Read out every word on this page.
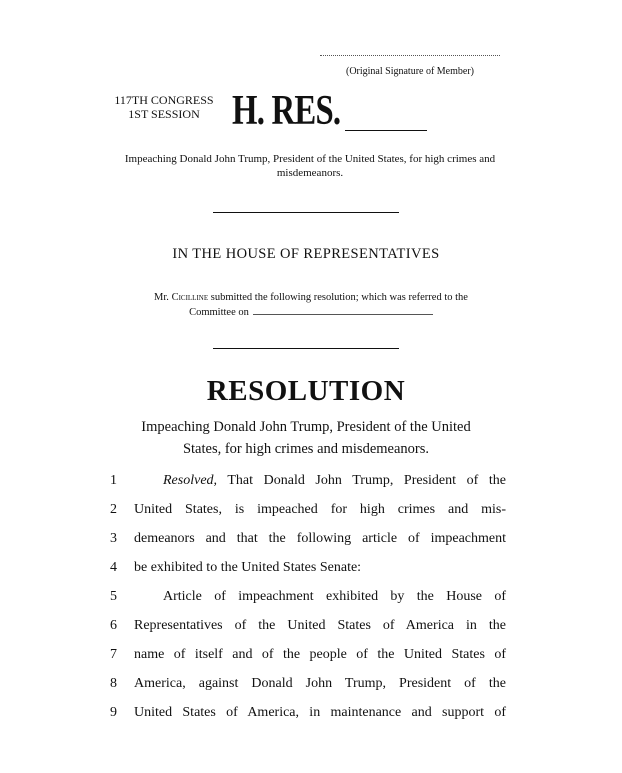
(Original Signature of Member)
117TH CONGRESS
1ST SESSION H. RES.
Impeaching Donald John Trump, President of the United States, for high crimes and misdemeanors.
IN THE HOUSE OF REPRESENTATIVES
Mr. Cicilline submitted the following resolution; which was referred to the
Committee on
RESOLUTION
Impeaching Donald John Trump, President of the United
States, for high crimes and misdemeanors.
1	Resolved, That Donald John Trump, President of the
2	United States, is impeached for high crimes and mis-
3	demeanors and that the following article of impeachment
4	be exhibited to the United States Senate:
5	Article of impeachment exhibited by the House of
6	Representatives of the United States of America in the
7	name of itself and of the people of the United States of
8	America, against Donald John Trump, President of the
9	United States of America, in maintenance and support of
